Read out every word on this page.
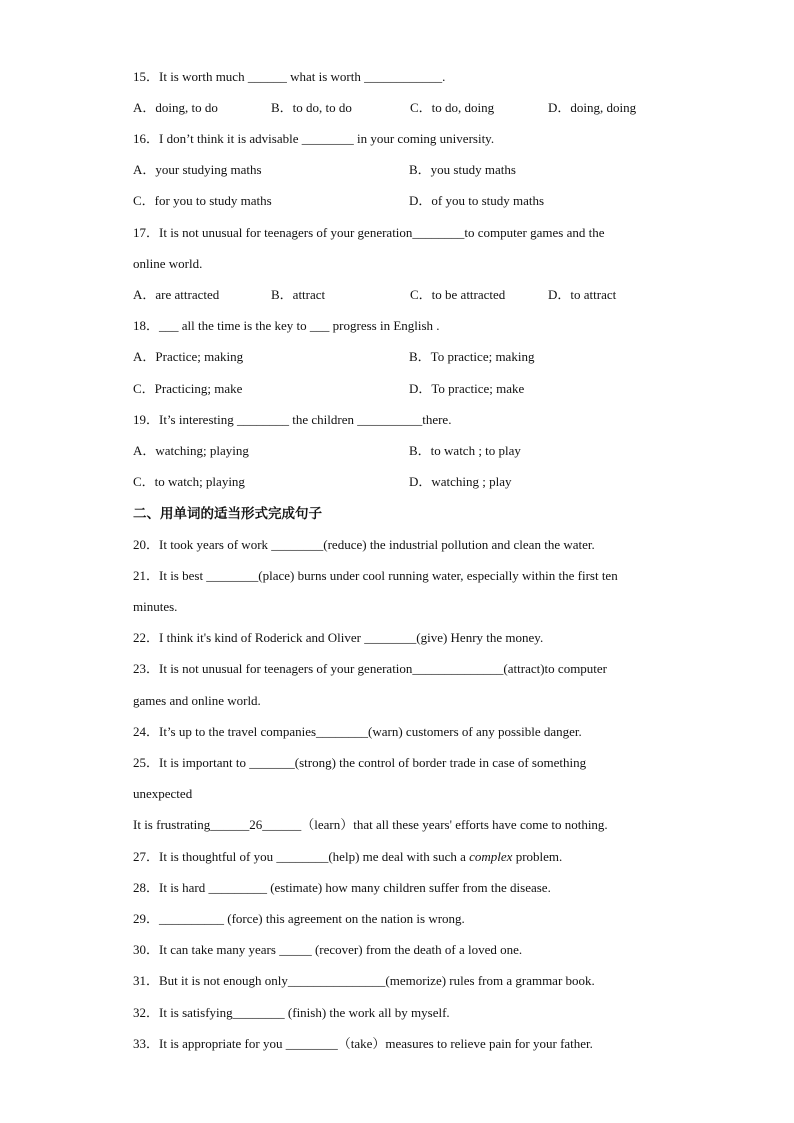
15．It is worth much ______ what is worth ____________.
A．doing, to do	B．to do, to do	C．to do, doing	D．doing, doing
16．I don’t think it is advisable ________ in your coming university.
A．your studying maths	B．you study maths
C．for you to study maths	D．of you to study maths
17．It is not unusual for teenagers of your generation________to computer games and the
online world.
A．are attracted	B．attract	C．to be attracted	D．to attract
18．___ all the time is the key to ___ progress in English .
A．Practice; making	B．To practice; making
C．Practicing; make	D．To practice; make
19．It’s interesting ________ the children __________there.
A．watching; playing	B．to watch ; to play
C．to watch; playing	D．watching ; play
二、用单词的适当形式完成句子
20．It took years of work ________(reduce) the industrial pollution and clean the water.
21．It is best ________(place) burns under cool running water, especially within the first ten
minutes.
22．I think it's kind of Roderick and Oliver ________(give) Henry the money.
23．It is not unusual for teenagers of your generation______________(attract)to computer
games and online world.
24．It’s up to the travel companies________(warn) customers of any possible danger.
25．It is important to _______(strong) the control of border trade in case of something
unexpected
It is frustrating______26______（learn）that all these years' efforts have come to nothing.
27．It is thoughtful of you ________(help) me deal with such a complex problem.
28．It is hard _________ (estimate) how many children suffer from the disease.
29．__________ (force) this agreement on the nation is wrong.
30．It can take many years _____ (recover) from the death of a loved one.
31．But it is not enough only_______________(memorize) rules from a grammar book.
32．It is satisfying________ (finish) the work all by myself.
33．It is appropriate for you ________（take）measures to relieve pain for your father.
